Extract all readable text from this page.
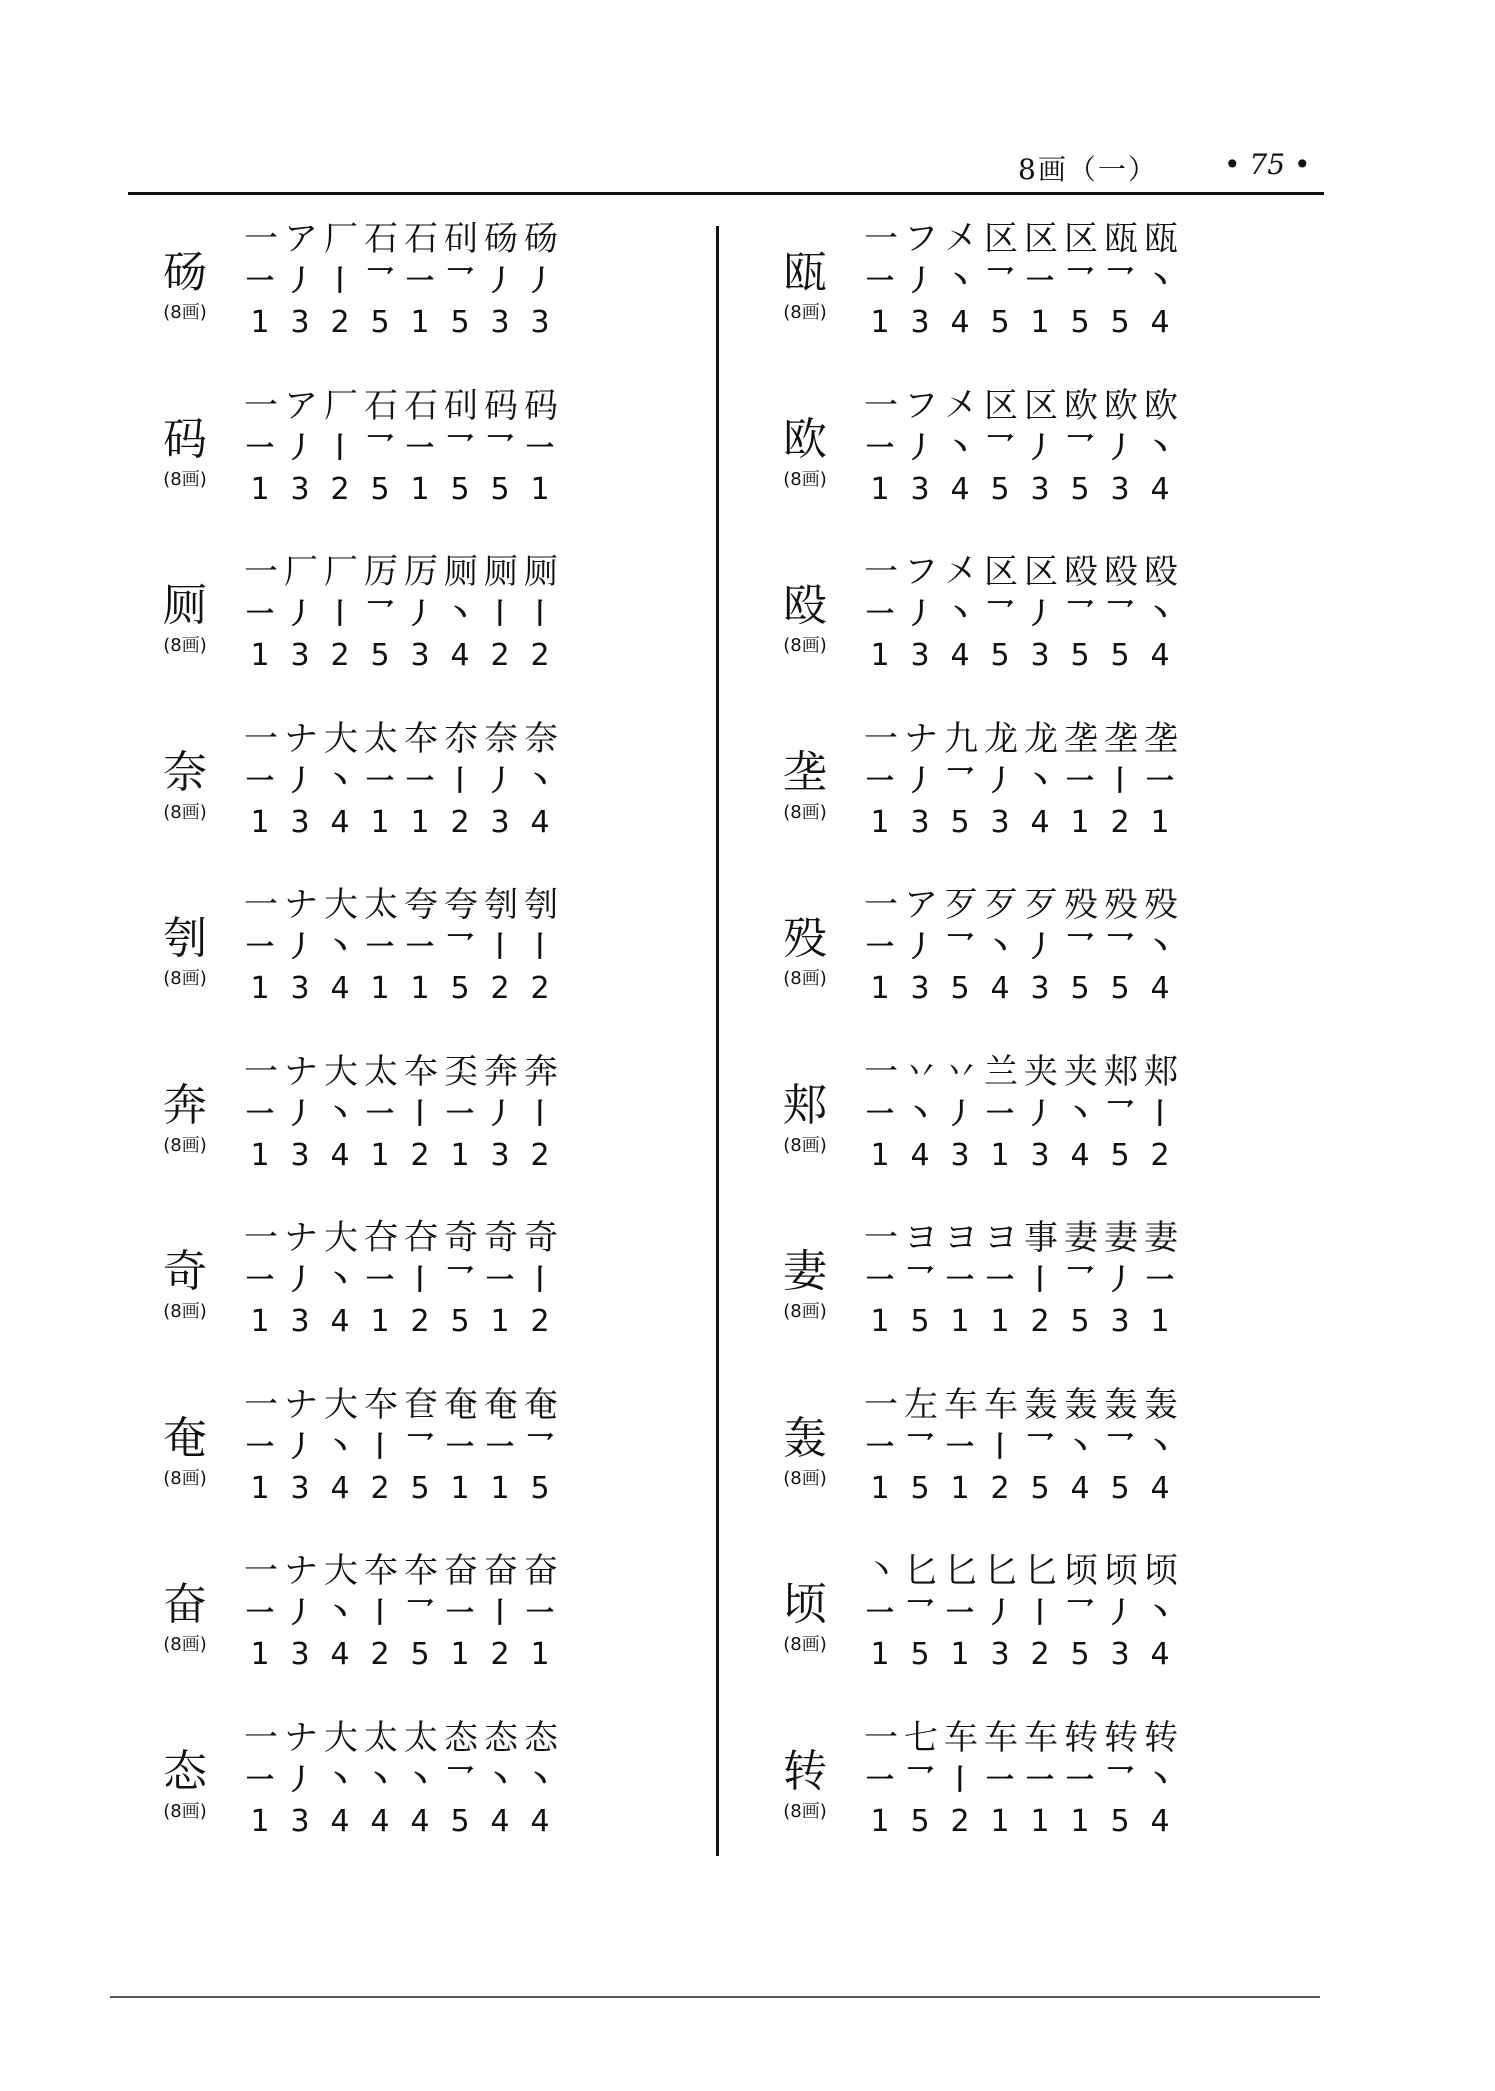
8画（一） • 75 •
砀
(8画)
一 ア 厂 石 石 矵 砀 砀
一 丿 丨 乛 一 乛 丿 丿
1 3 2 5 1 5 3 3
码
(8画)
一 ア 厂 石 石 矵 码 码
一 丿 丨 乛 一 乛 乛 一
1 3 2 5 1 5 5 1
厕
(8画)
一 厂 厂 厉 厉 厕 厕 厕
一 丿 丨 乛 丿 丶 丨 丨
1 3 2 5 3 4 2 2
奈
(8画)
一 ナ 大 太 夲 夵 奈 奈
一 丿 丶 一 一 丨 丿 丶
1 3 4 1 1 2 3 4
刳
(8画)
一 ナ 大 太 夸 夸 刳 刳
一 丿 丶 一 一 乛 丨 丨
1 3 4 1 1 5 2 2
奔
(8画)
一 ナ 大 太 夲 奀 奔 奔
一 丿 丶 一 丨 一 丿 丨
1 3 4 1 2 1 3 2
奇
(8画)
一 ナ 大 夻 夻 奇 奇 奇
一 丿 丶 一 丨 乛 一 丨
1 3 4 1 2 5 1 2
奄
(8画)
一 ナ 大 夲 奆 奄 奄 奄
一 丿 丶 丨 乛 一 一 乛
1 3 4 2 5 1 1 5
奋
(8画)
一 ナ 大 夲 夲 奋 奋 奋
一 丿 丶 丨 乛 一 丨 一
1 3 4 2 5 1 2 1
态
(8画)
一 ナ 大 太 太 态 态 态
一 丿 丶 丶 丶 乛 丶 丶
1 3 4 4 4 5 4 4
瓯
(8画)
一 フ 㐅 区 区 区 瓯 瓯
一 丿 丶 乛 一 乛 乛 丶
1 3 4 5 1 5 5 4
欧
(8画)
一 フ 㐅 区 区 欧 欧 欧
一 丿 丶 乛 丿 乛 丿 丶
1 3 4 5 3 5 3 4
殴
(8画)
一 フ 㐅 区 区 殴 殴 殴
一 丿 丶 乛 丿 乛 乛 丶
1 3 4 5 3 5 5 4
垄
(8画)
一 ナ 九 龙 龙 垄 垄 垄
一 丿 乛 丿 丶 一 丨 一
1 3 5 3 4 1 2 1
殁
(8画)
一 ア 歹 歹 歹 殁 殁 殁
一 丿 乛 丶 丿 乛 乛 丶
1 3 5 4 3 5 5 4
郏
(8画)
一 丷 丷 兰 夹 夹 郏 郏
一 丶 丿 一 丿 丶 乛 丨
1 4 3 1 3 4 5 2
妻
(8画)
一 ヨ ヨ ヨ 事 妻 妻 妻
一 乛 一 一 丨 乛 丿 一
1 5 1 1 2 5 3 1
轰
(8画)
一 左 车 车 轰 轰 轰 轰
一 乛 一 丨 乛 丶 乛 丶
1 5 1 2 5 4 5 4
顷
(8画)
丶 匕 匕 匕 匕 顷 顷 顷
一 乛 一 丿 丨 乛 丿 丶
1 5 1 3 2 5 3 4
转
(8画)
一 七 车 车 车 转 转 转
一 乛 丨 一 一 一 乛 丶
1 5 2 1 1 1 5 4
